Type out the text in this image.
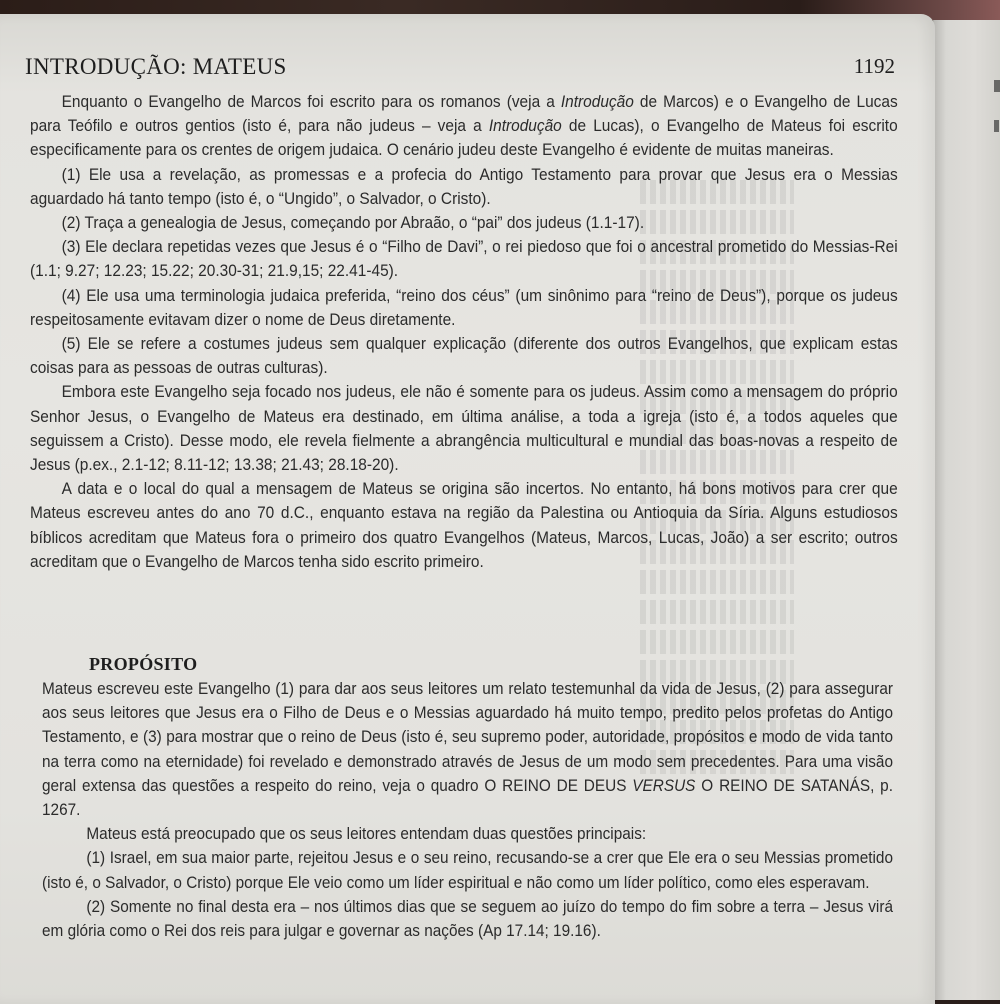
INTRODUÇÃO: MATEUS	1192

Enquanto o Evangelho de Marcos foi escrito para os romanos (veja a Introdução de Marcos) e o Evangelho de Lucas para Teófilo e outros gentios (isto é, para não judeus – veja a Introdução de Lucas), o Evangelho de Mateus foi escrito especificamente para os crentes de origem judaica. O cenário judeu deste Evangelho é evidente de muitas maneiras.

(1) Ele usa a revelação, as promessas e a profecia do Antigo Testamento para provar que Jesus era o Messias aguardado há tanto tempo (isto é, o “Ungido”, o Salvador, o Cristo).

(2) Traça a genealogia de Jesus, começando por Abraão, o “pai” dos judeus (1.1-17).

(3) Ele declara repetidas vezes que Jesus é o “Filho de Davi”, o rei piedoso que foi o ancestral prometido do Messias-Rei (1.1; 9.27; 12.23; 15.22; 20.30-31; 21.9,15; 22.41-45).

(4) Ele usa uma terminologia judaica preferida, “reino dos céus” (um sinônimo para “reino de Deus”), porque os judeus respeitosamente evitavam dizer o nome de Deus diretamente.

(5) Ele se refere a costumes judeus sem qualquer explicação (diferente dos outros Evangelhos, que explicam estas coisas para as pessoas de outras culturas).

Embora este Evangelho seja focado nos judeus, ele não é somente para os judeus. Assim como a mensagem do próprio Senhor Jesus, o Evangelho de Mateus era destinado, em última análise, a toda a igreja (isto é, a todos aqueles que seguissem a Cristo). Desse modo, ele revela fielmente a abrangência multicultural e mundial das boas-novas a respeito de Jesus (p.ex., 2.1-12; 8.11-12; 13.38; 21.43; 28.18-20).

A data e o local do qual a mensagem de Mateus se origina são incertos. No entanto, há bons motivos para crer que Mateus escreveu antes do ano 70 d.C., enquanto estava na região da Palestina ou Antioquia da Síria. Alguns estudiosos bíblicos acreditam que Mateus fora o primeiro dos quatro Evangelhos (Mateus, Marcos, Lucas, João) a ser escrito; outros acreditam que o Evangelho de Marcos tenha sido escrito primeiro.

PROPÓSITO

Mateus escreveu este Evangelho (1) para dar aos seus leitores um relato testemunhal da vida de Jesus, (2) para assegurar aos seus leitores que Jesus era o Filho de Deus e o Messias aguardado há muito tempo, predito pelos profetas do Antigo Testamento, e (3) para mostrar que o reino de Deus (isto é, seu supremo poder, autoridade, propósitos e modo de vida tanto na terra como na eternidade) foi revelado e demonstrado através de Jesus de um modo sem precedentes. Para uma visão geral extensa das questões a respeito do reino, veja o quadro O REINO DE DEUS VERSUS O REINO DE SATANÁS, p. 1267.

Mateus está preocupado que os seus leitores entendam duas questões principais:

(1) Israel, em sua maior parte, rejeitou Jesus e o seu reino, recusando-se a crer que Ele era o seu Messias prometido (isto é, o Salvador, o Cristo) porque Ele veio como um líder espiritual e não como um líder político, como eles esperavam.

(2) Somente no final desta era – nos últimos dias que se seguem ao juízo do tempo do fim sobre a terra – Jesus virá em glória como o Rei dos reis para julgar e governar as nações (Ap 17.14; 19.16).
